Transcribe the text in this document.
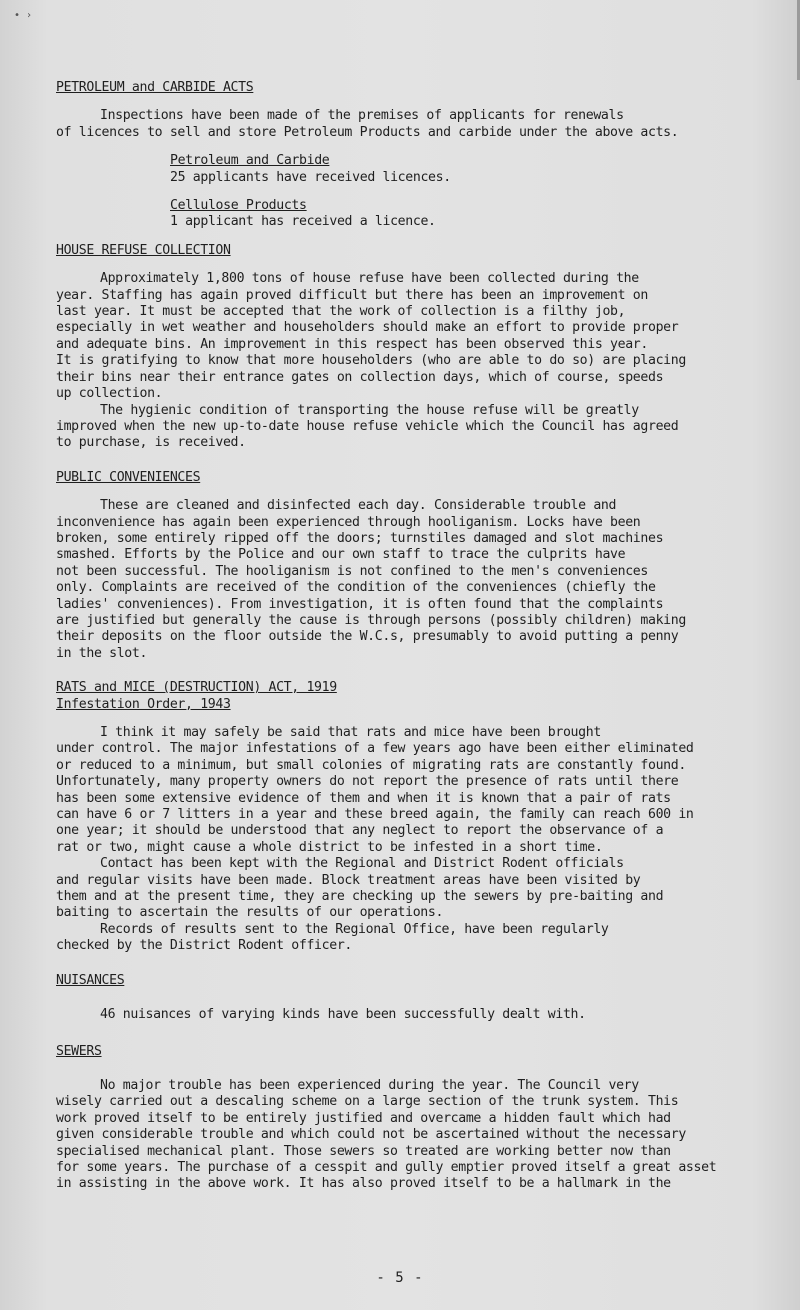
• ›
PETROLEUM and CARBIDE ACTS
Inspections have been made of the premises of applicants for renewals
of licences to sell and store Petroleum Products and carbide under the above acts.
Petroleum and Carbide
25 applicants have received licences.
Cellulose Products
1 applicant has received a licence.
HOUSE REFUSE COLLECTION
Approximately 1,800 tons of house refuse have been collected during the
year. Staffing has again proved difficult but there has been an improvement on
last year. It must be accepted that the work of collection is a filthy job,
especially in wet weather and householders should make an effort to provide proper
and adequate bins. An improvement in this respect has been observed this year.
It is gratifying to know that more householders (who are able to do so) are placing
their bins near their entrance gates on collection days, which of course, speeds
up collection.
The hygienic condition of transporting the house refuse will be greatly
improved when the new up-to-date house refuse vehicle which the Council has agreed
to purchase, is received.
PUBLIC CONVENIENCES
These are cleaned and disinfected each day. Considerable trouble and
inconvenience has again been experienced through hooliganism. Locks have been
broken, some entirely ripped off the doors; turnstiles damaged and slot machines
smashed. Efforts by the Police and our own staff to trace the culprits have
not been successful. The hooliganism is not confined to the men's conveniences
only. Complaints are received of the condition of the conveniences (chiefly the
ladies' conveniences). From investigation, it is often found that the complaints
are justified but generally the cause is through persons (possibly children) making
their deposits on the floor outside the W.C.s, presumably to avoid putting a penny
in the slot.
RATS and MICE (DESTRUCTION) ACT, 1919
Infestation Order, 1943
I think it may safely be said that rats and mice have been brought
under control. The major infestations of a few years ago have been either eliminated
or reduced to a minimum, but small colonies of migrating rats are constantly found.
Unfortunately, many property owners do not report the presence of rats until there
has been some extensive evidence of them and when it is known that a pair of rats
can have 6 or 7 litters in a year and these breed again, the family can reach 600 in
one year; it should be understood that any neglect to report the observance of a
rat or two, might cause a whole district to be infested in a short time.
Contact has been kept with the Regional and District Rodent officials
and regular visits have been made. Block treatment areas have been visited by
them and at the present time, they are checking up the sewers by pre-baiting and
baiting to ascertain the results of our operations.
Records of results sent to the Regional Office, have been regularly
checked by the District Rodent officer.
NUISANCES
46 nuisances of varying kinds have been successfully dealt with.
SEWERS
No major trouble has been experienced during the year. The Council very
wisely carried out a descaling scheme on a large section of the trunk system. This
work proved itself to be entirely justified and overcame a hidden fault which had
given considerable trouble and which could not be ascertained without the necessary
specialised mechanical plant. Those sewers so treated are working better now than
for some years. The purchase of a cesspit and gully emptier proved itself a great asset
in assisting in the above work. It has also proved itself to be a hallmark in the
- 5 -
